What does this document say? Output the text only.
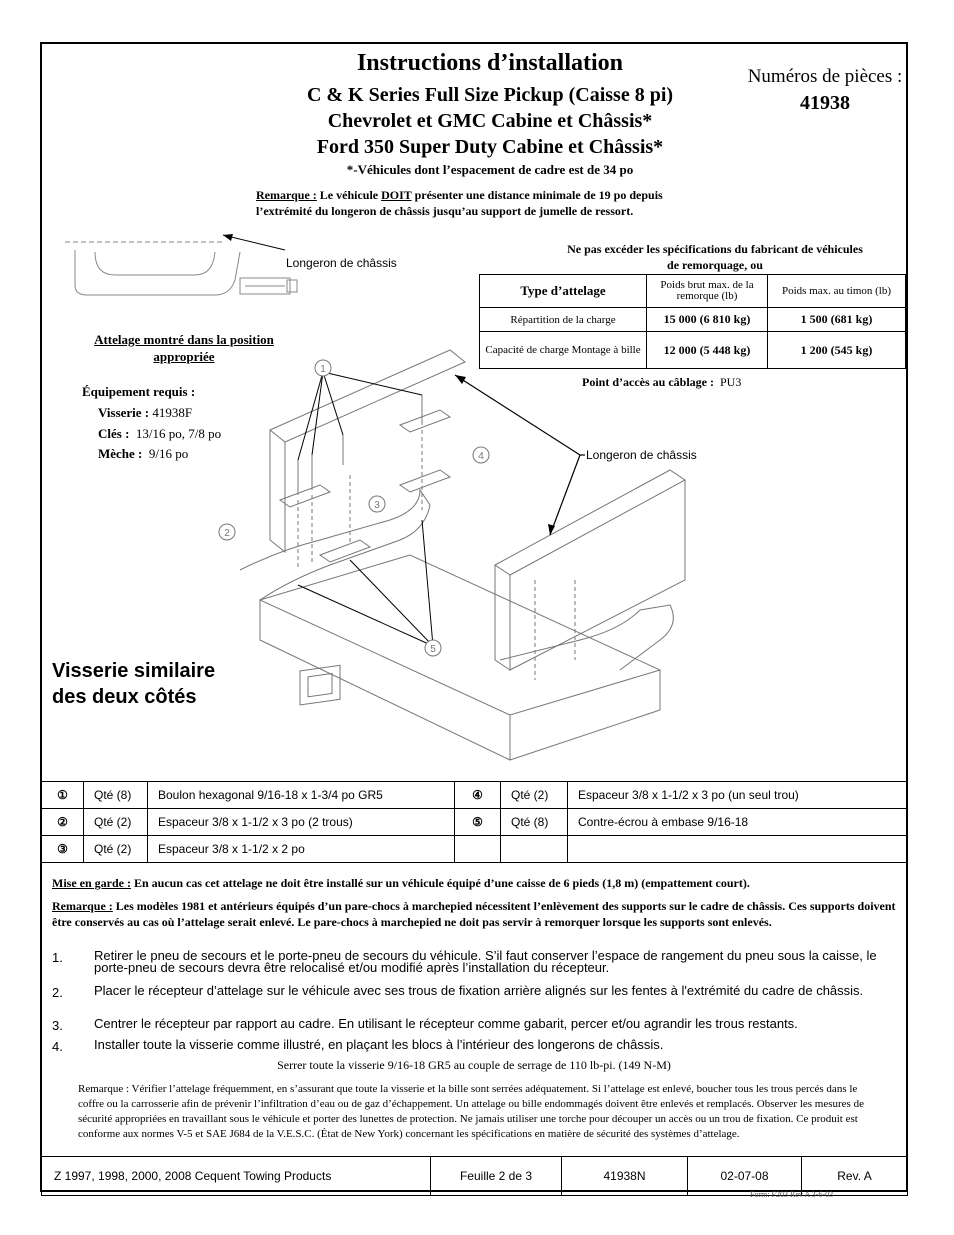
Instructions d’installation
C & K Series Full Size Pickup (Caisse 8 pi)
Chevrolet et GMC Cabine et Châssis*
Ford 350 Super Duty Cabine et Châssis*
*-Véhicules dont l’espacement de cadre est de 34 po
Numéros de pièces :
41938
Remarque : Le véhicule DOIT présenter une distance minimale de 19 po depuis
l’extrémité du longeron de châssis jusqu’au support de jumelle de ressort.
Longeron de châssis
Attelage montré dans la position appropriée
Équipement requis :
Visserie : 41938F
Clés : 13/16 po, 7/8 po
Mèche : 9/16 po
Ne pas excéder les spécifications du fabricant de véhicules de remorquage, ou
Type d’attelage	Poids brut max. de la remorque (lb)	Poids max. au timon (lb)
Répartition de la charge	15 000 (6 810 kg)	1 500 (681 kg)
Capacité de charge Montage à bille	12 000 (5 448 kg)	1 200 (545 kg)
Point d’accès au câblage : PU3
1
2
3
4
5
Longeron de châssis
Visserie similaire des deux côtés
①	Qté (8)	Boulon hexagonal 9/16-18 x 1-3/4 po GR5	④	Qté (2)	Espaceur 3/8 x 1-1/2 x 3 po (un seul trou)
②	Qté (2)	Espaceur 3/8 x 1-1/2 x 3 po (2 trous)	⑤	Qté (8)	Contre-écrou à embase 9/16-18
③	Qté (2)	Espaceur 3/8 x 1-1/2 x 2 po			
Mise en garde : En aucun cas cet attelage ne doit être installé sur un véhicule équipé d’une caisse de 6 pieds (1,8 m) (empattement court).
Remarque : Les modèles 1981 et antérieurs équipés d’un pare-chocs à marchepied nécessitent l’enlèvement des supports sur le cadre de châssis. Ces supports doivent être conservés au cas où l’attelage serait enlevé. Le pare-chocs à marchepied ne doit pas servir à remorquer lorsque les supports sont enlevés.
1. Retirer le pneu de secours et le porte-pneu de secours du véhicule. S’il faut conserver l’espace de rangement du pneu sous la caisse, le porte-pneu de secours devra être relocalisé et/ou modifié après l’installation du récepteur.
2. Placer le récepteur d’attelage sur le véhicule avec ses trous de fixation arrière alignés sur les fentes à l'extrémité du cadre de châssis.
3. Centrer le récepteur par rapport au cadre. En utilisant le récepteur comme gabarit, percer et/ou agrandir les trous restants.
4. Installer toute la visserie comme illustré, en plaçant les blocs à l’intérieur des longerons de châssis.
Serrer toute la visserie 9/16-18 GR5 au couple de serrage de 110 lb-pi. (149 N-M)
Remarque : Vérifier l’attelage fréquemment, en s’assurant que toute la visserie et la bille sont serrées adéquatement. Si l’attelage est enlevé, boucher tous les trous percés dans le coffre ou la carrosserie afin de prévenir l’infiltration d’eau ou de gaz d’échappement. Un attelage ou bille endommagés doivent être enlevés et remplacés. Observer les mesures de sécurité appropriées en travaillant sous le véhicule et porter des lunettes de protection. Ne jamais utiliser une torche pour découper un accès ou un trou de fixation. Ce produit est conforme aux normes V-5 et SAE J684 de la V.E.S.C. (État de New York) concernant les spécifications en matière de sécurité des systèmes d’attelage.
Z 1997, 1998, 2000, 2008 Cequent Towing Products	Feuille 2 de 3	41938N	02-07-08	Rev. A
Form: F203 Rev A 3-6-03
